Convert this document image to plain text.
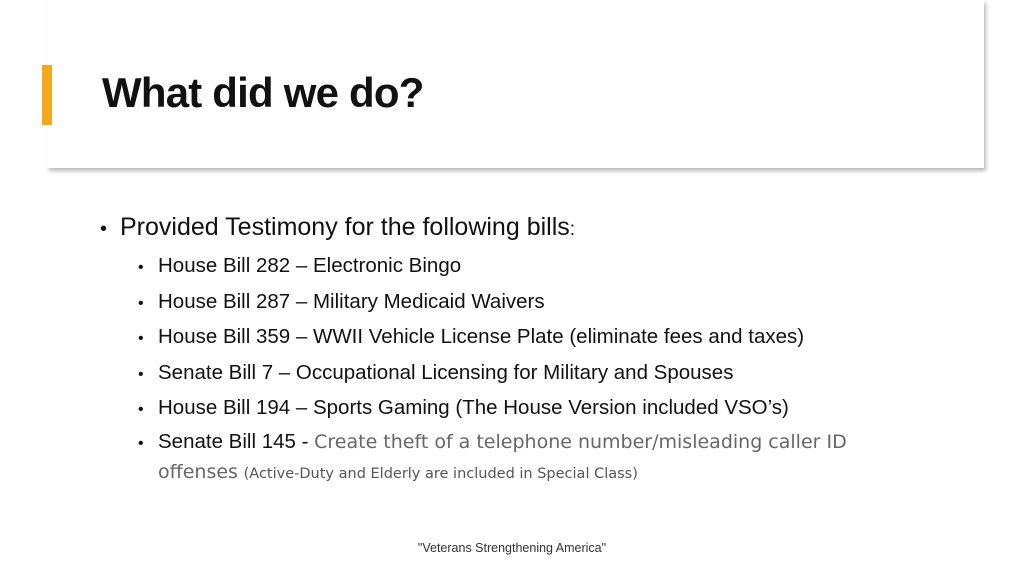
What did we do?
• Provided Testimony for the following bills:
• House Bill 282 – Electronic Bingo
• House Bill 287 – Military Medicaid Waivers
• House Bill 359 – WWII Vehicle License Plate (eliminate fees and taxes)
• Senate Bill 7 – Occupational Licensing for Military and Spouses
• House Bill 194 – Sports Gaming (The House Version included VSO’s)
• Senate Bill 145 - Create theft of a telephone number/misleading caller ID offenses (Active-Duty and Elderly are included in Special Class)
"Veterans Strengthening America"
